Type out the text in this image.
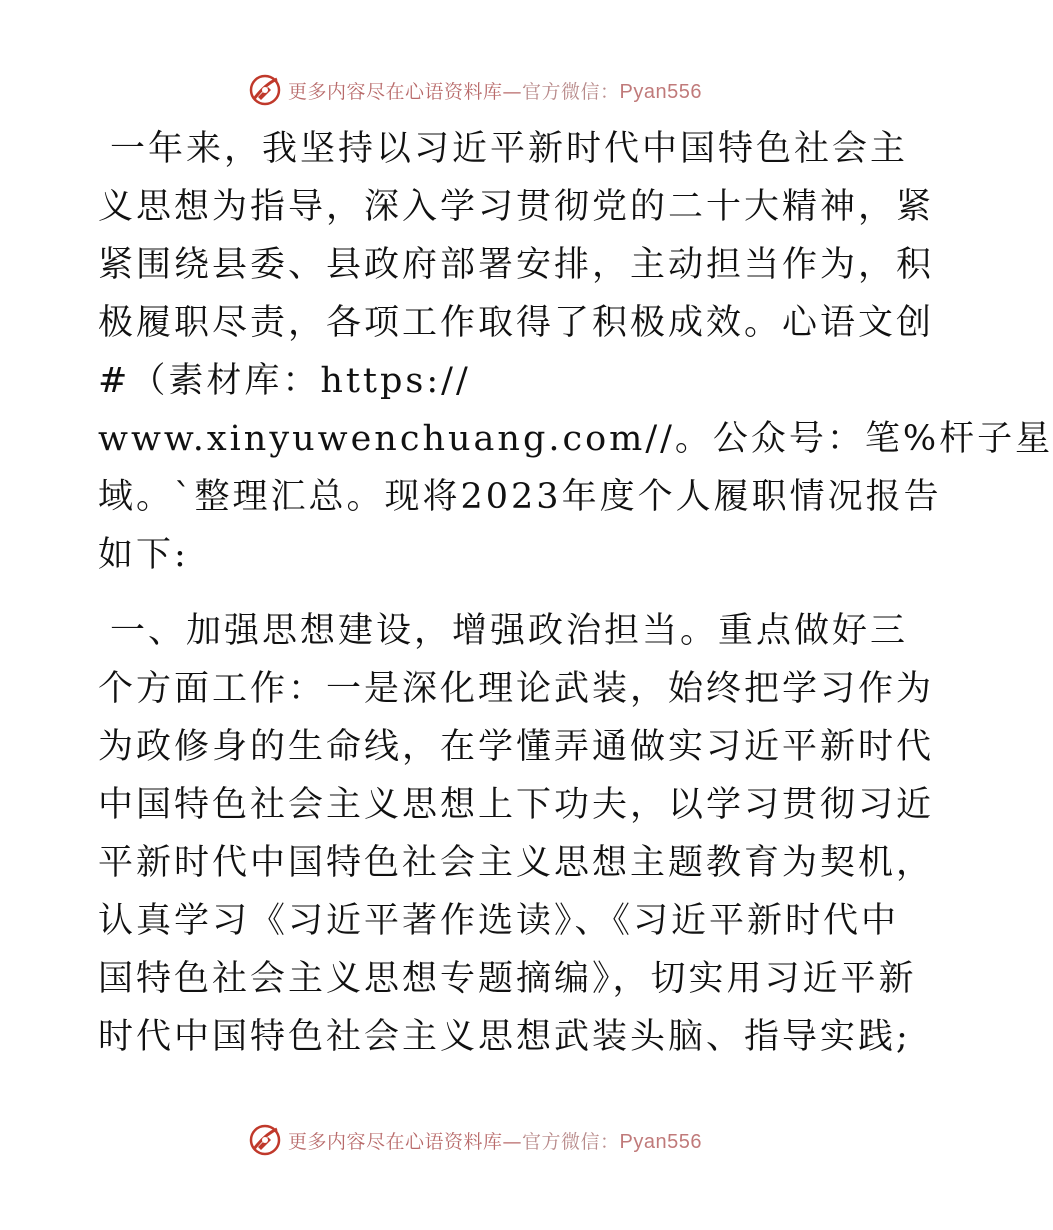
更多内容尽在心语资料库—官方微信：Pyan556

一年来，我坚持以习近平新时代中国特色社会主
义思想为指导，深入学习贯彻党的二十大精神，紧
紧围绕县委、县政府部署安排，主动担当作为，积
极履职尽责，各项工作取得了积极成效。心语文创
#（素材库：https://
www.xinyuwenchuang.com//。公众号：笔%杆子星
域。`整理汇总。现将2023年度个人履职情况报告
如下:

一、加强思想建设，增强政治担当。重点做好三
个方面工作：一是深化理论武装，始终把学习作为
为政修身的生命线，在学懂弄通做实习近平新时代
中国特色社会主义思想上下功夫，以学习贯彻习近
平新时代中国特色社会主义思想主题教育为契机，
认真学习《习近平著作选读》、《习近平新时代中
国特色社会主义思想专题摘编》，切实用习近平新
时代中国特色社会主义思想武装头脑、指导实践;

更多内容尽在心语资料库—官方微信：Pyan556
